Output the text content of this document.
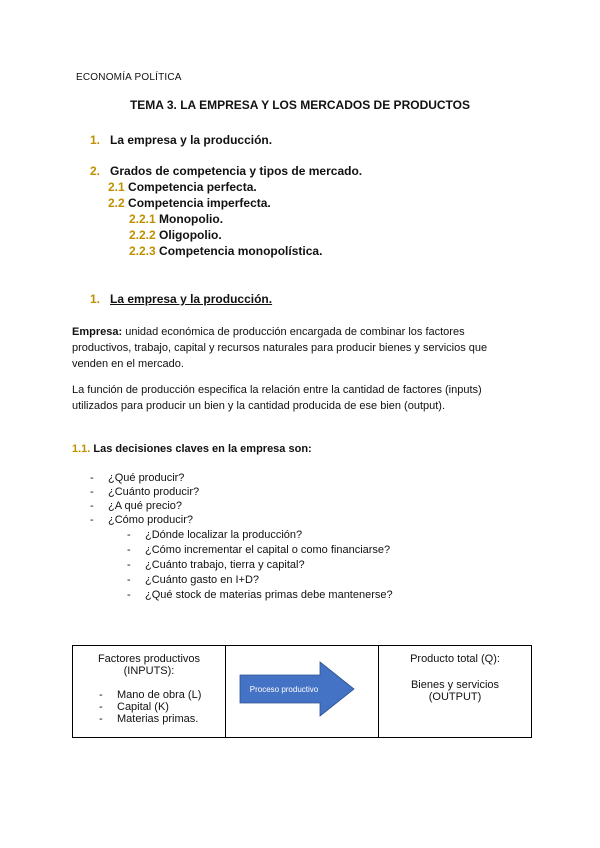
ECONOMÍA POLÍTICA
TEMA 3. LA EMPRESA Y LOS MERCADOS DE PRODUCTOS
1. La empresa y la producción.
2. Grados de competencia y tipos de mercado.
2.1 Competencia perfecta.
2.2 Competencia imperfecta.
2.2.1 Monopolio.
2.2.2 Oligopolio.
2.2.3 Competencia monopolística.
1. La empresa y la producción.
Empresa: unidad económica de producción encargada de combinar los factores
productivos, trabajo, capital y recursos naturales para producir bienes y servicios que
venden en el mercado.
La función de producción especifica la relación entre la cantidad de factores (inputs)
utilizados para producir un bien y la cantidad producida de ese bien (output).
1.1. Las decisiones claves en la empresa son:
- ¿Qué producir?
- ¿Cuánto producir?
- ¿A qué precio?
- ¿Cómo producir?
- ¿Dónde localizar la producción?
- ¿Cómo incrementar el capital o como financiarse?
- ¿Cuánto trabajo, tierra y capital?
- ¿Cuánto gasto en I+D?
- ¿Qué stock de materias primas debe mantenerse?
Factores productivos
(INPUTS):
- Mano de obra (L)
- Capital (K)
- Materias primas.

Proceso productivo

Producto total (Q):
Bienes y servicios
(OUTPUT)
